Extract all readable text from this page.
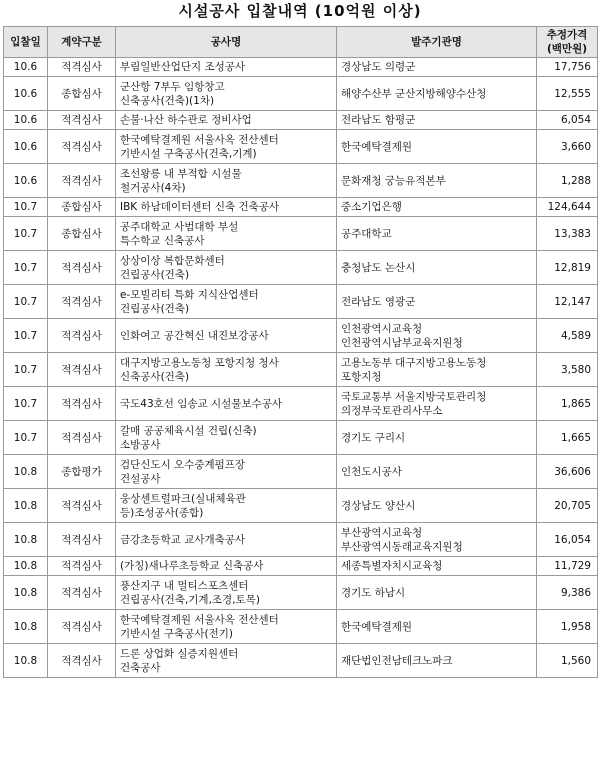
시설공사 입찰내역 (10억원 이상)
입찰일	계약구분	공사명	발주기관명	추정가격
(백만원)

10.6	적격심사	부림일반산업단지 조성공사	경상남도 의령군	17,756
10.6	종합심사	군산항 7부두 임항창고
신축공사(건축)(1차)	해양수산부 군산지방해양수산청	12,555
10.6	적격심사	손불·나산 하수관로 정비사업	전라남도 함평군	6,054
10.6	적격심사	한국예탁결제원 서울사옥 전산센터
기반시설 구축공사(건축,기계)	한국예탁결제원	3,660
10.6	적격심사	조선왕릉 내 부적합 시설물
철거공사(4차)	문화재청 궁능유적본부	1,288
10.7	종합심사	IBK 하남데이터센터 신축 건축공사	중소기업은행	124,644
10.7	종합심사	공주대학교 사범대학 부설
특수학교 신축공사	공주대학교	13,383
10.7	적격심사	상상이상 복합문화센터
건립공사(건축)	충청남도 논산시	12,819
10.7	적격심사	e-모빌리티 특화 지식산업센터
건립공사(건축)	전라남도 영광군	12,147
10.7	적격심사	인화여고 공간혁신 내진보강공사	인천광역시교육청
인천광역시남부교육지원청	4,589
10.7	적격심사	대구지방고용노동청 포항지청 청사
신축공사(건축)	고용노동부 대구지방고용노동청
포항지청	3,580
10.7	적격심사	국도43호선 임송교 시설물보수공사	국토교통부 서울지방국토관리청
의정부국토관리사무소	1,865
10.7	적격심사	갈매 공공체육시설 건립(신축)
소방공사	경기도 구리시	1,665
10.8	종합평가	검단신도시 오수중계펌프장
건설공사	인천도시공사	36,606
10.8	적격심사	웅상센트럴파크(실내체육관
등)조성공사(종합)	경상남도 양산시	20,705
10.8	적격심사	금강초등학교 교사개축공사	부산광역시교육청
부산광역시동래교육지원청	16,054
10.8	적격심사	(가칭)새나루초등학교 신축공사	세종특별자치시교육청	11,729
10.8	적격심사	풍산지구 내 멀티스포츠센터
건립공사(건축,기계,조경,토목)	경기도 하남시	9,386
10.8	적격심사	한국예탁결제원 서울사옥 전산센터
기반시설 구축공사(전기)	한국예탁결제원	1,958
10.8	적격심사	드론 상업화 실증지원센터
건축공사	재단법인전남테크노파크	1,560
